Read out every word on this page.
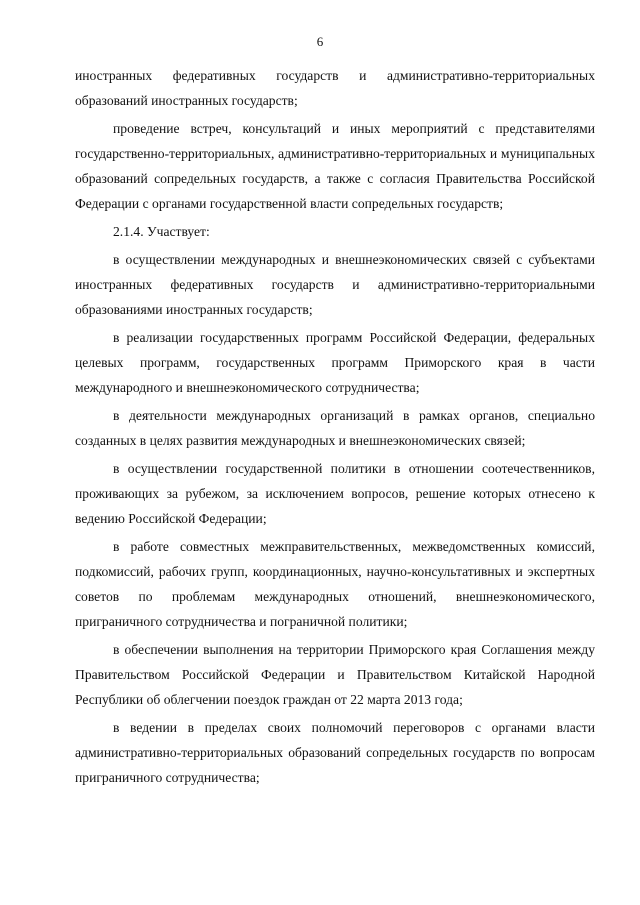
6

иностранных федеративных государств и административно-территориальных образований иностранных государств;

проведение встреч, консультаций и иных мероприятий с представителями государственно-территориальных, административно-территориальных и муниципальных образований сопредельных государств, а также с согласия Правительства Российской Федерации с органами государственной власти сопредельных государств;

2.1.4. Участвует:

в осуществлении международных и внешнеэкономических связей с субъектами иностранных федеративных государств и административно-территориальными образованиями иностранных государств;

в реализации государственных программ Российской Федерации, федеральных целевых программ, государственных программ Приморского края в части международного и внешнеэкономического сотрудничества;

в деятельности международных организаций в рамках органов, специально созданных в целях развития международных и внешнеэкономических связей;

в осуществлении государственной политики в отношении соотечественников, проживающих за рубежом, за исключением вопросов, решение которых отнесено к ведению Российской Федерации;

в работе совместных межправительственных, межведомственных комиссий, подкомиссий, рабочих групп, координационных, научно-консультативных и экспертных советов по проблемам международных отношений, внешнеэкономического, приграничного сотрудничества и пограничной политики;

в обеспечении выполнения на территории Приморского края Соглашения между Правительством Российской Федерации и Правительством Китайской Народной Республики об облегчении поездок граждан от 22 марта 2013 года;

в ведении в пределах своих полномочий переговоров с органами власти административно-территориальных образований сопредельных государств по вопросам приграничного сотрудничества;
